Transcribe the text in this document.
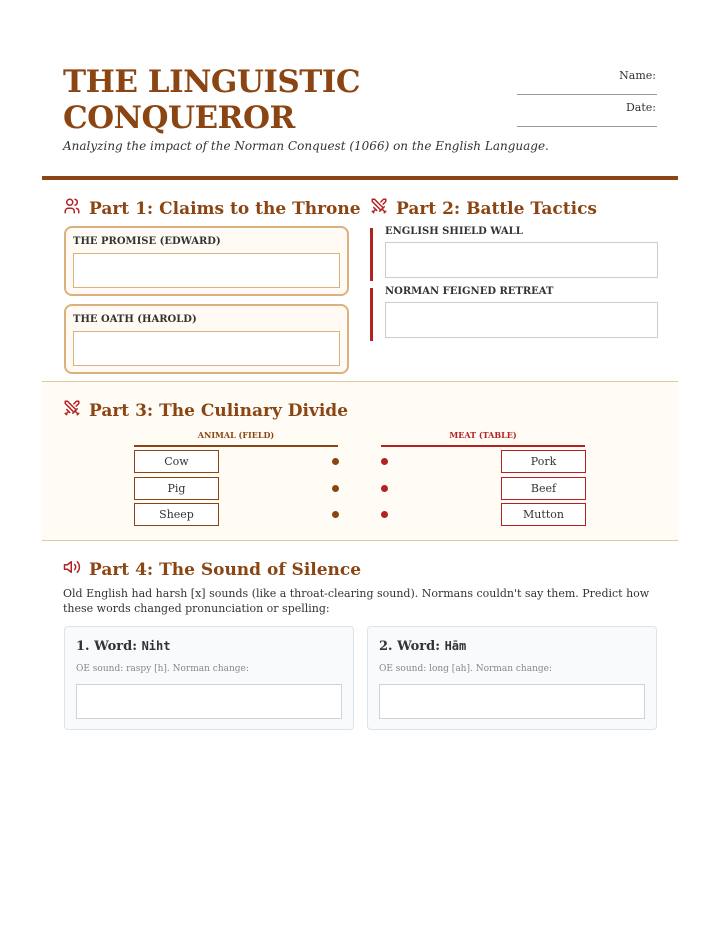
THE LINGUISTIC
CONQUEROR
Analyzing the impact of the Norman Conquest (1066) on the English Language.
Name:
Date:
Part 1: Claims to the Throne
THE PROMISE (EDWARD)
THE OATH (HAROLD)
Part 2: Battle Tactics
ENGLISH SHIELD WALL
NORMAN FEIGNED RETREAT
Part 3: The Culinary Divide
ANIMAL (FIELD)	MEAT (TABLE)
Cow
Pig
Sheep
Pork
Beef
Mutton
Part 4: The Sound of Silence
Old English had harsh [x] sounds (like a throat-clearing sound). Normans couldn't say them. Predict how these words changed pronunciation or spelling:
1. Word: Niht
OE sound: raspy [h]. Norman change:
2. Word: Hām
OE sound: long [ah]. Norman change:
